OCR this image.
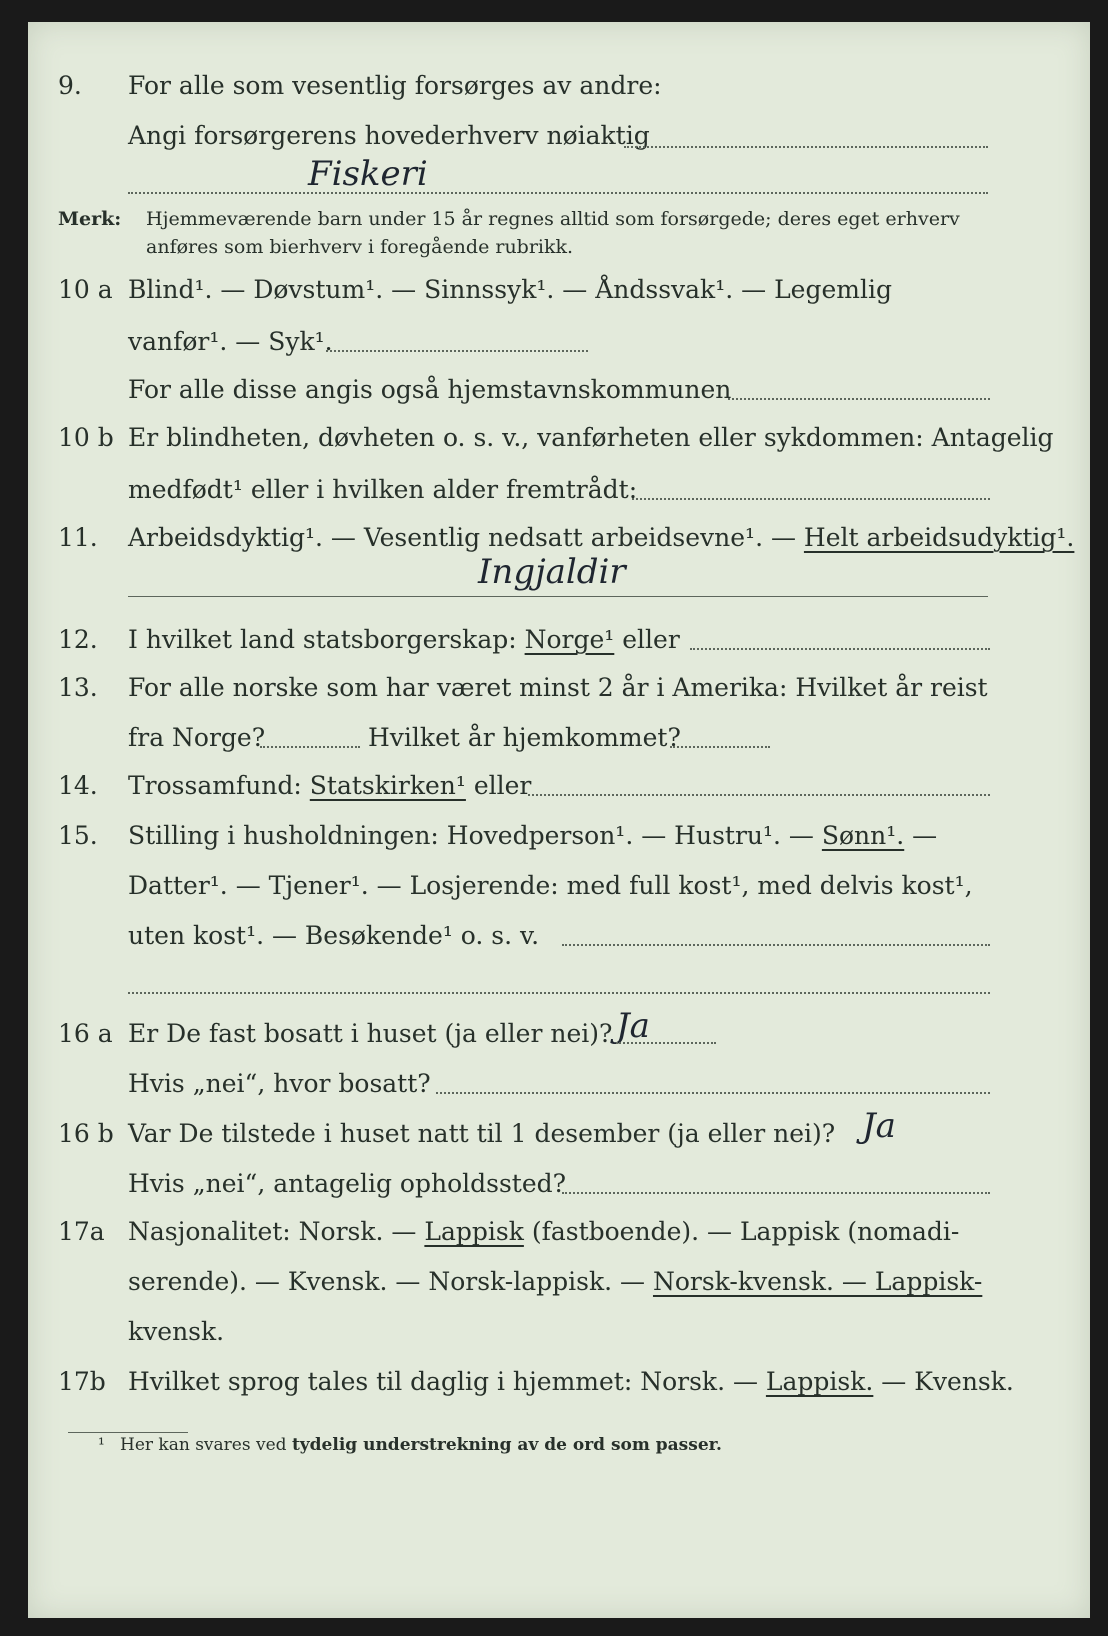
9. For alle som vesentlig forsørges av andre:
Angi forsørgerens hovederhverv nøiaktig
Fiskeri
Merk: Hjemmeværende barn under 15 år regnes alltid som forsørgede; deres eget erhverv
anføres som bierhverv i foregående rubrikk.
10 a Blind¹. — Døvstum¹. — Sinnssyk¹. — Åndssvak¹. — Legemlig
vanfør¹. — Syk¹.
For alle disse angis også hjemstavnskommunen
10 b Er blindheten, døvheten o. s. v., vanførheten eller sykdommen: Antagelig
medfødt¹ eller i hvilken alder fremtrådt:
11. Arbeidsdyktig¹. — Vesentlig nedsatt arbeidsevne¹. — Helt arbeidsudyktig¹.
Ingjaldir
12. I hvilket land statsborgerskap: Norge¹ eller
13. For alle norske som har været minst 2 år i Amerika: Hvilket år reist
fra Norge?	Hvilket år hjemkommet?
14. Trossamfund: Statskirken¹ eller
15. Stilling i husholdningen: Hovedperson¹. — Hustru¹. — Sønn¹. —
Datter¹. — Tjener¹. — Losjerende: med full kost¹, med delvis kost¹,
uten kost¹. — Besøkende¹ o. s. v.
16 a Er De fast bosatt i huset (ja eller nei)? Ja
Hvis „nei“, hvor bosatt?
16 b Var De tilstede i huset natt til 1 desember (ja eller nei)? Ja
Hvis „nei“, antagelig opholdssted?
17a Nasjonalitet: Norsk. — Lappisk (fastboende). — Lappisk (nomadi-
serende). — Kvensk. — Norsk-lappisk. — Norsk-kvensk. — Lappisk-
kvensk.
17b Hvilket sprog tales til daglig i hjemmet: Norsk. — Lappisk. — Kvensk.
¹ Her kan svares ved tydelig understrekning av de ord som passer.
